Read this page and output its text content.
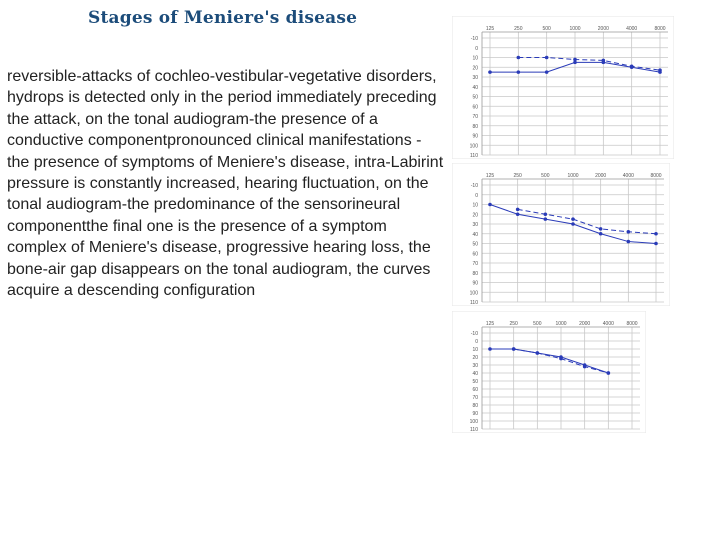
Stages of Meniere's disease
reversible-attacks of cochleo-vestibular-vegetative disorders, hydrops is detected only in the period immediately preceding the attack, on the tonal audiogram-the presence of a conductive componentpronounced clinical manifestations - the presence of symptoms of Meniere's disease, intra-Labirint pressure is constantly increased, hearing fluctuation, on the tonal audiogram-the predominance of the sensorineural componentthe final one is the presence of a symptom complex of Meniere's disease, progressive hearing loss, the bone-air gap disappears on the tonal audiogram, the curves acquire a descending configuration
-10
0
10
20
30
40
50
60
70
80
90
100
110
125	250	500	1000	2000	4000	8000
-10
0
10
20
30
40
50
60
70
80
90
100
110
125	250	500	1000	2000	4000	8000
-10
0
10
20
30
40
50
60
70
80
90
100
110
125	250	500	1000	2000	4000	8000
